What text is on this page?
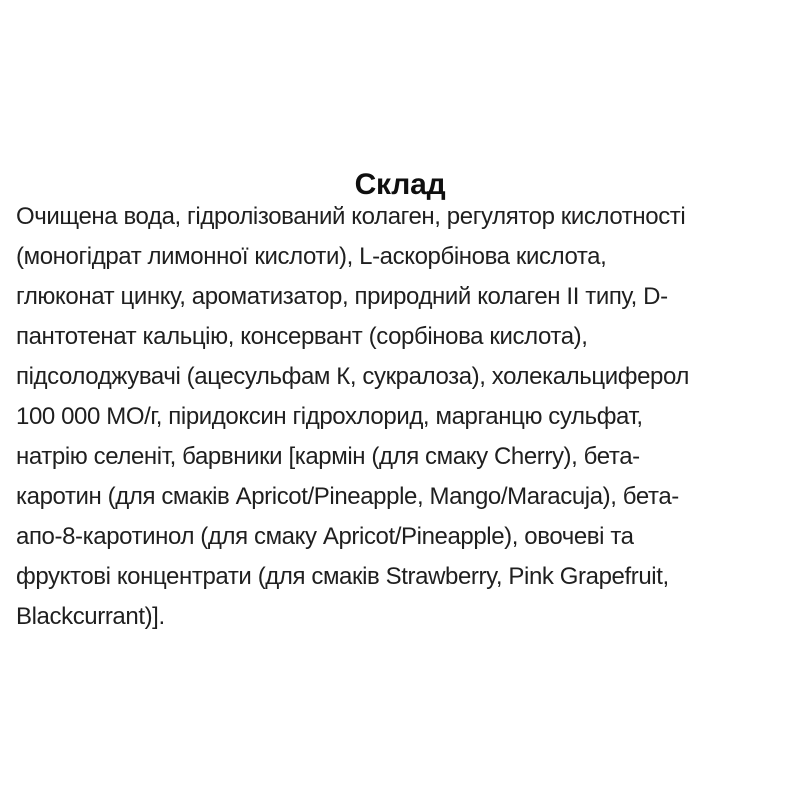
Склад
Очищена вода, гідролізований колаген, регулятор кислотності
(моногідрат лимонної кислоти), L-аскорбінова кислота,
глюконат цинку, ароматизатор, природний колаген II типу, D-
пантотенат кальцію, консервант (сорбінова кислота),
підсолоджувачі (ацесульфам К, сукралоза), холекальциферол
100 000 МО/г, піридоксин гідрохлорид, марганцю сульфат,
натрію селеніт, барвники [кармін (для смаку Cherry), бета-
каротин (для смаків Apricot/Pineapple, Mango/Maracuja), бета-
апо-8-каротинол (для смаку Apricot/Pineapple), овочеві та
фруктові концентрати (для смаків Strawberry, Pink Grapefruit,
Blackcurrant)].
